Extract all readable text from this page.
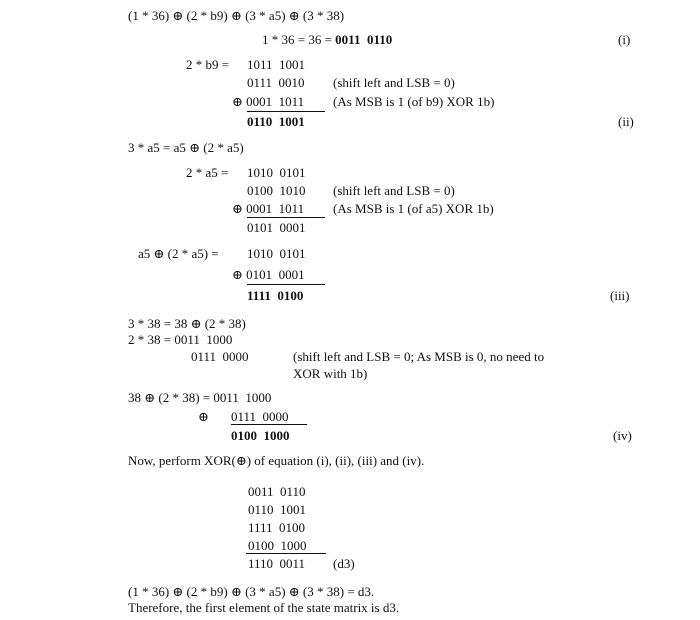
(1 * 36) ⊕ (2 * b9) ⊕ (3 * a5) ⊕ (3 * 38)
1 * 36 = 36 = 0011  0110	(i)
2 * b9 = 1011  1001
0111  0010 (shift left and LSB = 0)
⊕ 0001  1011 (As MSB is 1 (of b9) XOR 1b)
0110  1001	(ii)
3 * a5 = a5 ⊕ (2 * a5)
2 * a5 = 1010  0101
0100  1010 (shift left and LSB = 0)
⊕ 0001  1011 (As MSB is 1 (of a5) XOR 1b)
0101  0001
a5 ⊕ (2 * a5) = 1010  0101
⊕ 0101  0001
1111  0100	(iii)
3 * 38 = 38 ⊕ (2 * 38)
2 * 38 = 0011  1000
0111  0000	(shift left and LSB = 0; As MSB is 0, no need to
XOR with 1b)
38 ⊕ (2 * 38) = 0011  1000
⊕ 0111  0000
0100  1000	(iv)
Now, perform XOR(⊕) of equation (i), (ii), (iii) and (iv).
0011  0110
0110  1001
1111  0100
0100  1000
1110  0011 (d3)
(1 * 36) ⊕ (2 * b9) ⊕ (3 * a5) ⊕ (3 * 38) = d3.
Therefore, the first element of the state matrix is d3.
